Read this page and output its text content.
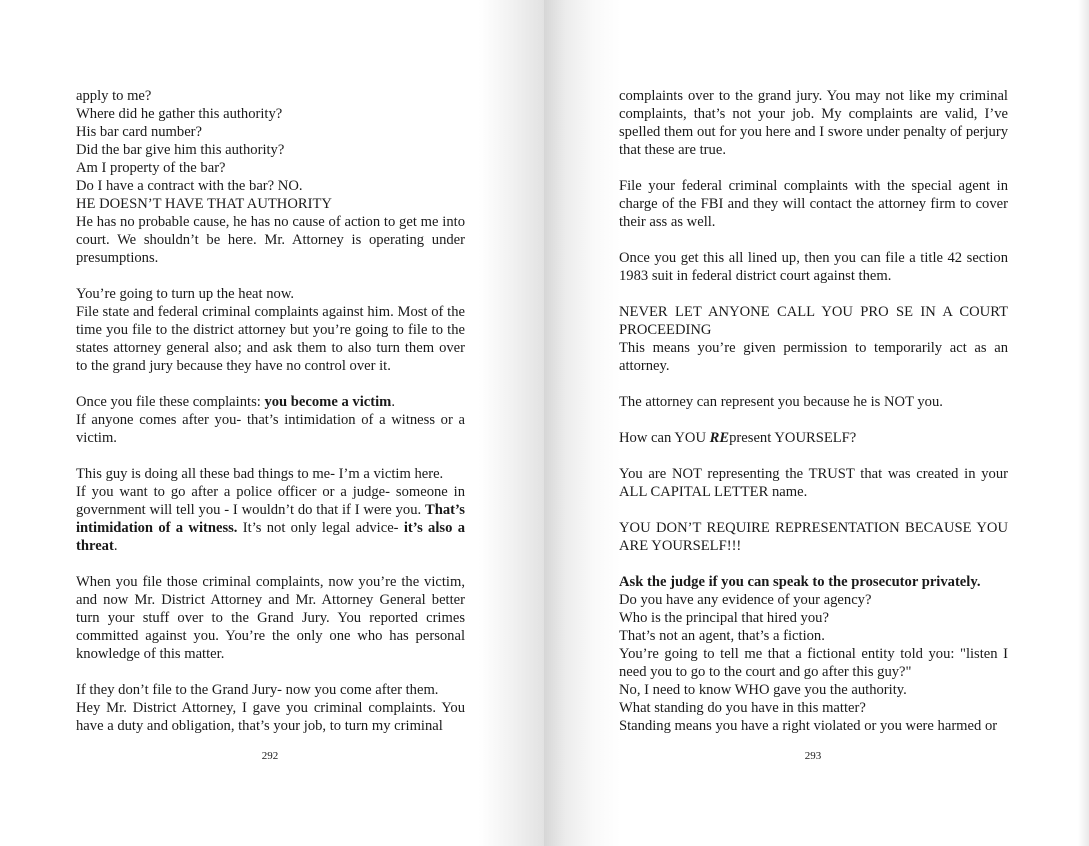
apply to me?
Where did he gather this authority?
His bar card number?
Did the bar give him this authority?
Am I property of the bar?
Do I have a contract with the bar? NO.
HE DOESN’T HAVE THAT AUTHORITY
He has no probable cause, he has no cause of action to get me into court. We shouldn’t be here. Mr. Attorney is operating under presumptions.

You’re going to turn up the heat now.
File state and federal criminal complaints against him. Most of the time you file to the district attorney but you’re going to file to the states attorney general also; and ask them to also turn them over to the grand jury because they have no control over it.

Once you file these complaints: you become a victim.
If anyone comes after you- that’s intimidation of a witness or a victim.

This guy is doing all these bad things to me- I’m a victim here.
If you want to go after a police officer or a judge- someone in government will tell you - I wouldn’t do that if I were you. That’s intimidation of a witness. It’s not only legal advice- it’s also a threat.

When you file those criminal complaints, now you’re the victim, and now Mr. District Attorney and Mr. Attorney General better turn your stuff over to the Grand Jury. You reported crimes committed against you. You’re the only one who has personal knowledge of this matter.

If they don’t file to the Grand Jury- now you come after them.
Hey Mr. District Attorney, I gave you criminal complaints. You have a duty and obligation, that’s your job, to turn my criminal

292

complaints over to the grand jury. You may not like my criminal complaints, that’s not your job. My complaints are valid, I’ve spelled them out for you here and I swore under penalty of perjury that these are true.

File your federal criminal complaints with the special agent in charge of the FBI and they will contact the attorney firm to cover their ass as well.

Once you get this all lined up, then you can file a title 42 section 1983 suit in federal district court against them.

NEVER LET ANYONE CALL YOU PRO SE IN A COURT PROCEEDING
This means you’re given permission to temporarily act as an attorney.

The attorney can represent you because he is NOT you.

How can YOU REpresent YOURSELF?

You are NOT representing the TRUST that was created in your ALL CAPITAL LETTER name.

YOU DON’T REQUIRE REPRESENTATION BECAUSE YOU ARE YOURSELF!!!

Ask the judge if you can speak to the prosecutor privately.
Do you have any evidence of your agency?
Who is the principal that hired you?
That’s not an agent, that’s a fiction.
You’re going to tell me that a fictional entity told you: "listen I need you to go to the court and go after this guy?"
No, I need to know WHO gave you the authority.
What standing do you have in this matter?
Standing means you have a right violated or you were harmed or

293
